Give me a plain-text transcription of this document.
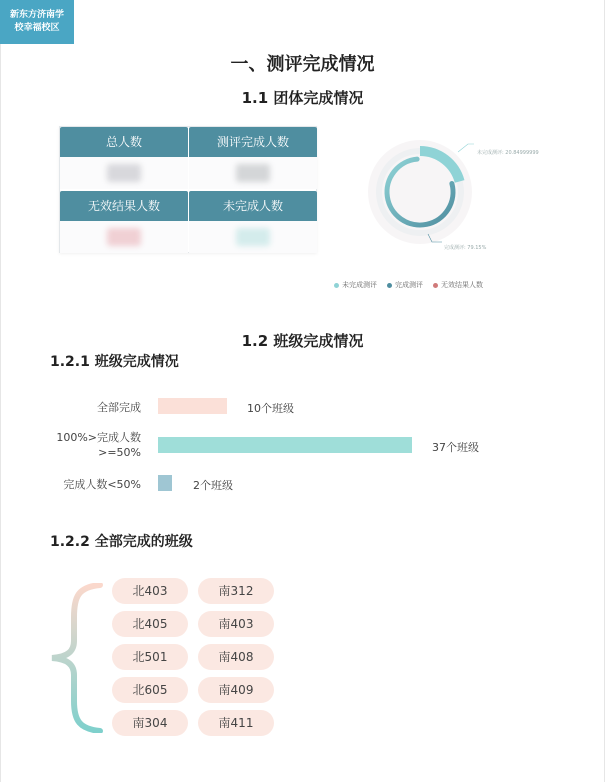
新东方济南学
校幸福校区
一、测评完成情况
1.1 团体完成情况
总人数	测评完成人数
无效结果人数	未完成人数
未完成测评: 20.84999999
完成测评: 79.15%
未完成测评	完成测评	无效结果人数
1.2 班级完成情况
1.2.1 班级完成情况
全部完成	10个班级
100%>完成人数
>=50%	37个班级
完成人数<50%	2个班级
1.2.2 全部完成的班级
北403	南312
北405	南403
北501	南408
北605	南409
南304	南411
